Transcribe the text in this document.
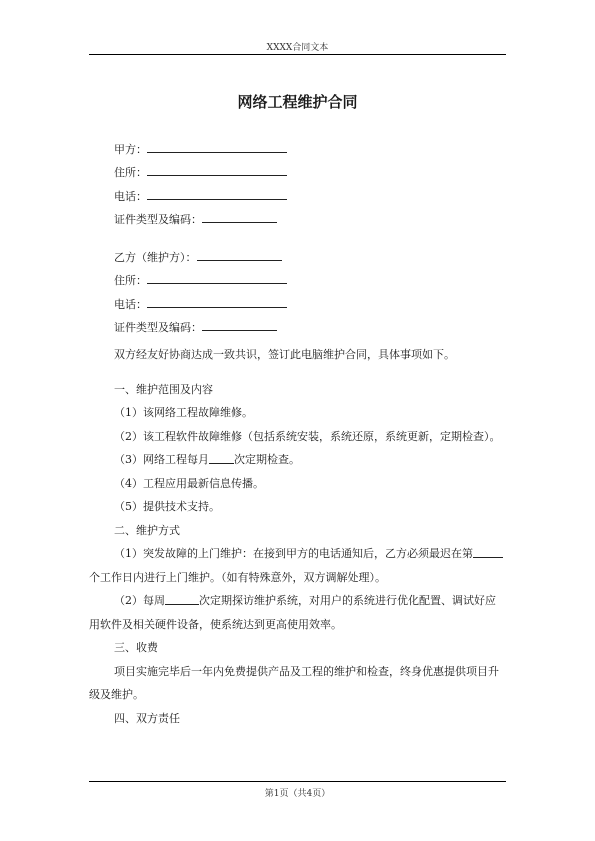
XXXX合同文本
网络工程维护合同
甲方：
住所：
电话：
证件类型及编码：
乙方（维护方）：
住所：
电话：
证件类型及编码：

双方经友好协商达成一致共识，签订此电脑维护合同，具体事项如下。

一、维护范围及内容

（1）该网络工程故障维修。

（2）该工程软件故障维修（包括系统安装，系统还原，系统更新，定期检查）。

（3）网络工程每月 次定期检查。

（4）工程应用最新信息传播。

（5）提供技术支持。

二、维护方式

（1）突发故障的上门维护：在接到甲方的电话通知后，乙方必须最迟在第个工作日内进行上门维护。（如有特殊意外，双方调解处理）。

（2）每周	次定期探访维护系统，对用户的系统进行优化配置、调试好应用软件及相关硬件设备，使系统达到更高使用效率。

三、收费

项目实施完毕后一年内免费提供产品及工程的维护和检查，终身优惠提供项目升级及维护。

四、双方责任

第1页（共4页）
